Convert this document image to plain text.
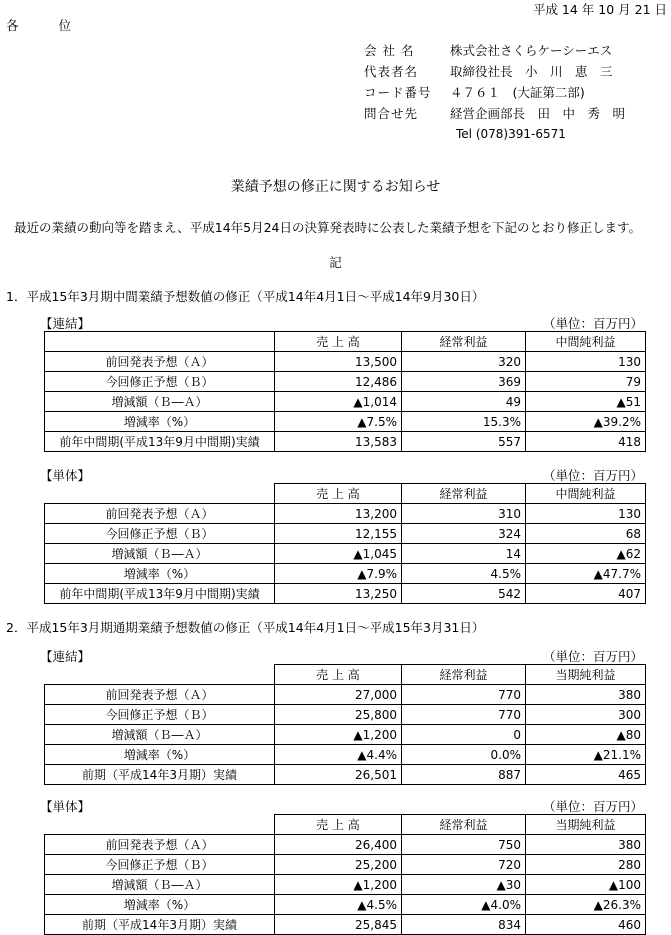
平成 14 年 10 月 21 日
各 位
会 社 名	株式会社さくらケーシーエス
代表者名	取締役社長　小　川　恵　三
コード番号	４７６１　(大証第二部)
問合せ先	経営企画部長　田　中　秀　明
Tel (078)391-6571
業績予想の修正に関するお知らせ
最近の業績の動向等を踏まえ、平成14年5月24日の決算発表時に公表した業績予想を下記のとおり修正します。
記
1．平成15年3月期中間業績予想数値の修正（平成14年4月1日～平成14年9月30日）
【連結】	（単位：百万円）
	売 上 高	経常利益	中間純利益
前回発表予想（Ａ）	13,500	320	130
今回修正予想（Ｂ）	12,486	369	79
増減額（Ｂ―Ａ）	▲1,014	49	▲51
増減率（%）	▲7.5%	15.3%	▲39.2%
前年中間期(平成13年9月中間期)実績	13,583	557	418
【単体】	（単位：百万円）
	売 上 高	経常利益	中間純利益
前回発表予想（Ａ）	13,200	310	130
今回修正予想（Ｂ）	12,155	324	68
増減額（Ｂ―Ａ）	▲1,045	14	▲62
増減率（%）	▲7.9%	4.5%	▲47.7%
前年中間期(平成13年9月中間期)実績	13,250	542	407
2．平成15年3月期通期業績予想数値の修正（平成14年4月1日～平成15年3月31日）
【連結】	（単位：百万円）
	売 上 高	経常利益	当期純利益
前回発表予想（Ａ）	27,000	770	380
今回修正予想（Ｂ）	25,800	770	300
増減額（Ｂ―Ａ）	▲1,200	0	▲80
増減率（%）	▲4.4%	0.0%	▲21.1%
前期（平成14年3月期）実績	26,501	887	465
【単体】	（単位：百万円）
	売 上 高	経常利益	当期純利益
前回発表予想（Ａ）	26,400	750	380
今回修正予想（Ｂ）	25,200	720	280
増減額（Ｂ―Ａ）	▲1,200	▲30	▲100
増減率（%）	▲4.5%	▲4.0%	▲26.3%
前期（平成14年3月期）実績	25,845	834	460
